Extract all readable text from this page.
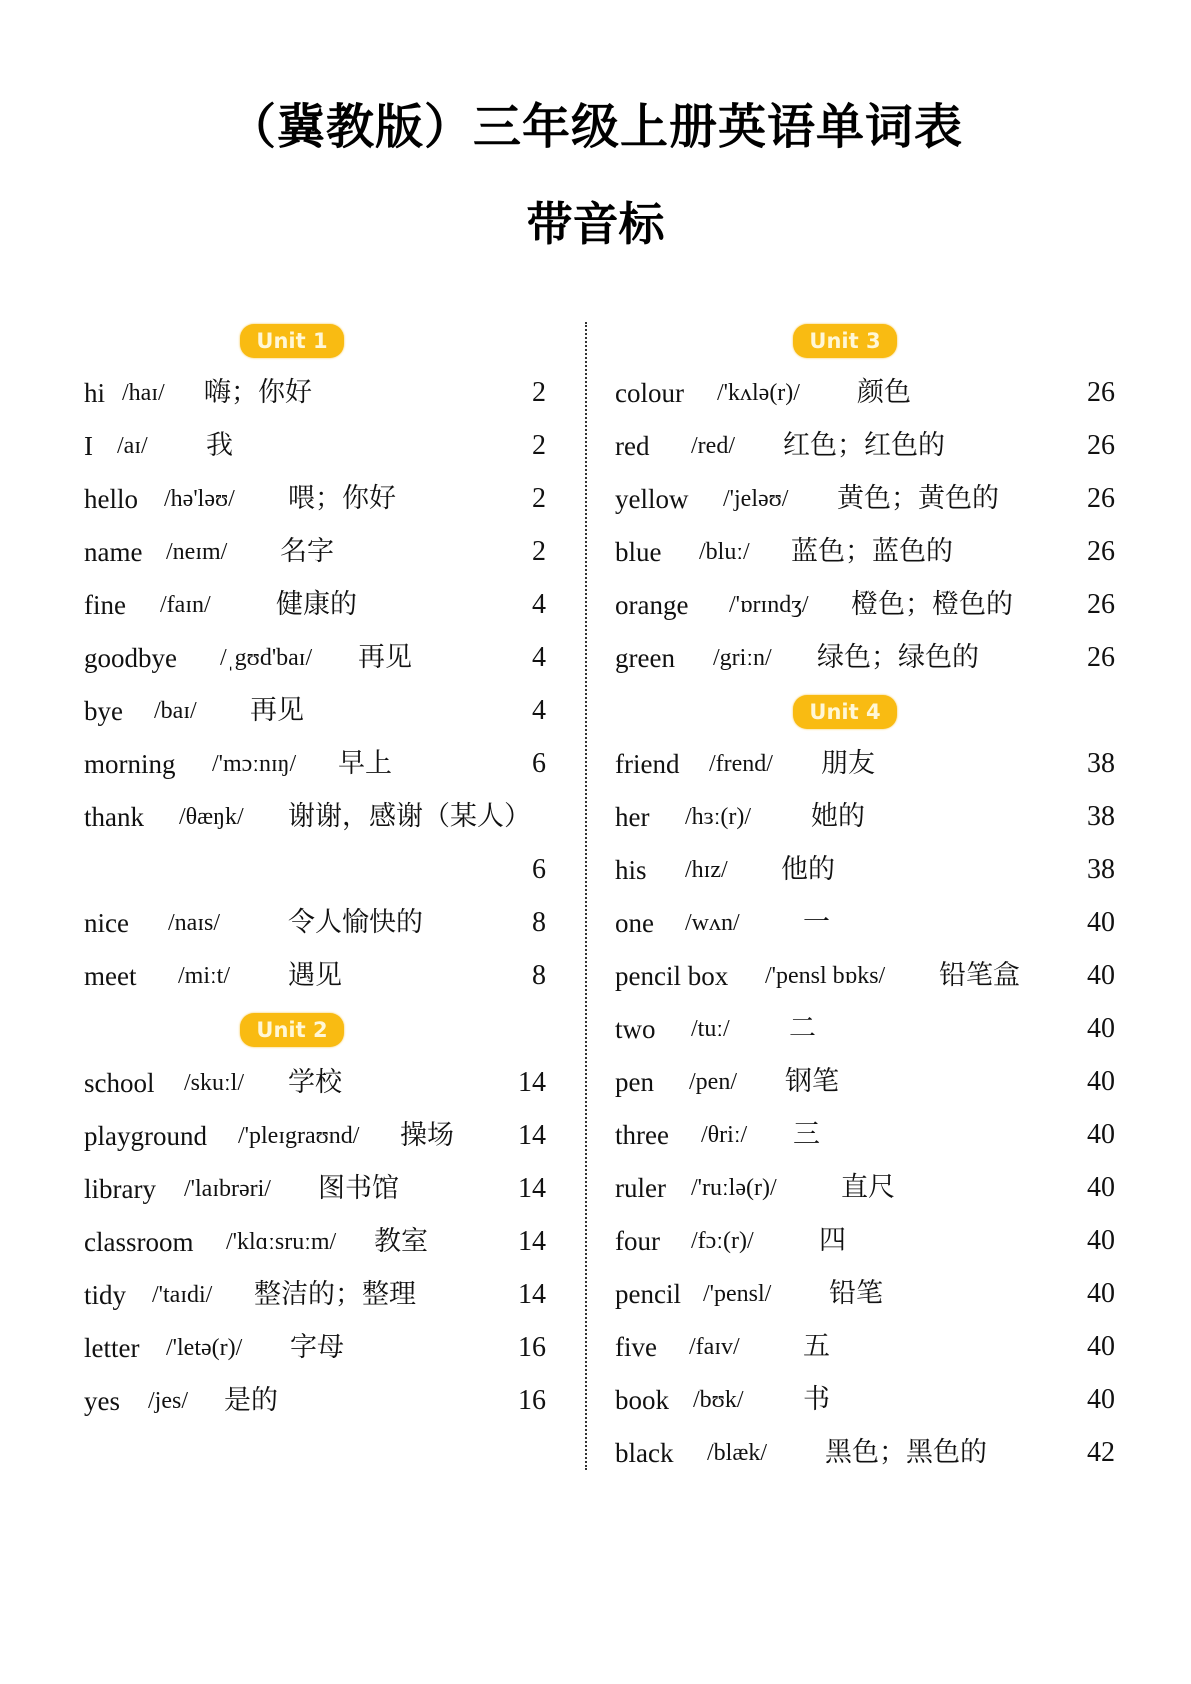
（冀教版）三年级上册英语单词表
带音标
Unit 1
hi /haɪ/ 嗨；你好	2
I /aɪ/ 我	2
hello /hə'ləʊ/ 喂；你好	2
name /neɪm/ 名字	2
fine /faɪn/ 健康的	4
goodbye /ˌgʊd'baɪ/ 再见	4
bye /baɪ/ 再见	4
morning /'mɔːnɪŋ/ 早上	6
thank /θæŋk/ 谢谢，感谢（某人）
6
nice /naɪs/	令人愉快的	8
meet /miːt/ 遇见	8
Unit 2
school /skuːl/ 学校	14
playground /'pleɪgraʊnd/ 操场 14
library /'laɪbrəri/ 图书馆	14
classroom /'klɑːsruːm/ 教室	14
tidy /'taɪdi/ 整洁的；整理	14
letter /'letə(r)/ 字母	16
yes /jes/ 是的	16
Unit 3
colour /'kʌlə(r)/ 颜色	26
red /red/ 红色；红色的	26
yellow /'jeləʊ/ 黄色；黄色的	26
blue /bluː/ 蓝色；蓝色的	26
orange /'ɒrɪndʒ/ 橙色；橙色的	26
green /griːn/ 绿色；绿色的	26
Unit 4
friend /frend/ 朋友	38
her /hɜː(r)/ 她的	38
his /hɪz/ 他的	38
one /wʌn/ 一	40
pencil box /'pensl bɒks/ 铅笔盒 40
two /tuː/ 二	40
pen /pen/ 钢笔	40
three /θriː/ 三	40
ruler /'ruːlə(r)/ 直尺	40
four /fɔː(r)/ 四	40
pencil /'pensl/ 铅笔	40
five /faɪv/ 五	40
book /bʊk/ 书	40
black /blæk/ 黑色；黑色的	42
